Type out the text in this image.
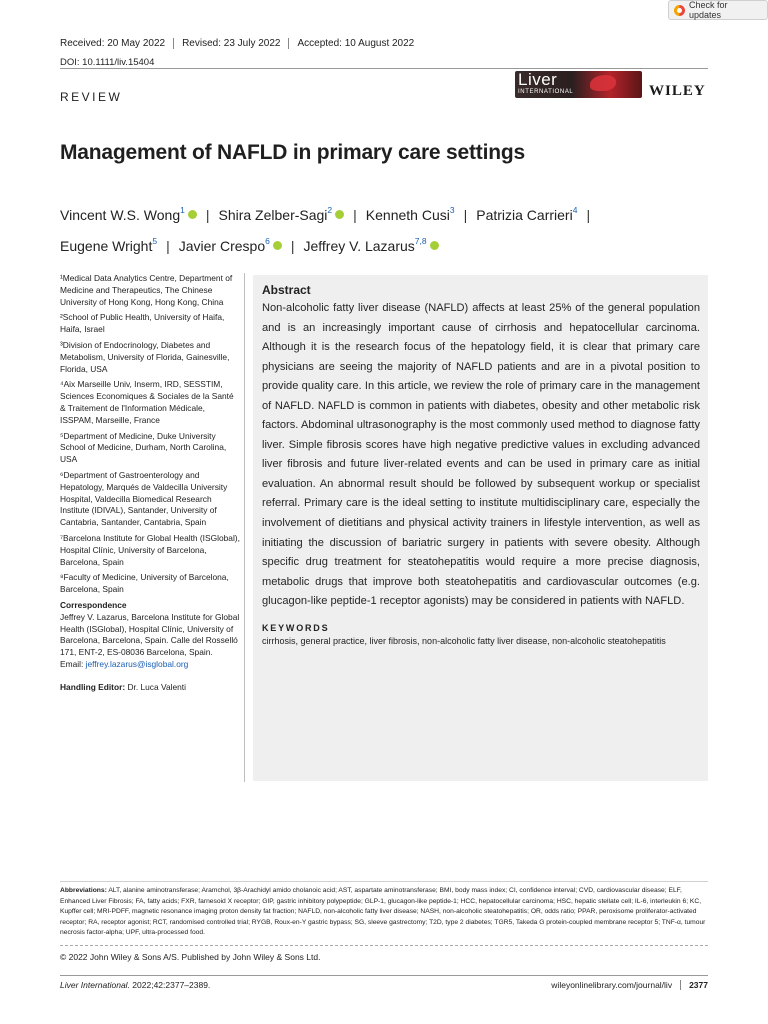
Check for updates
Received: 20 May 2022	Revised: 23 July 2022	Accepted: 10 August 2022
DOI: 10.1111/liv.15404
REVIEW
Liver
INTERNATIONAL	WILEY
Management of NAFLD in primary care settings
Vincent W.S. Wong$^1$ | Shira Zelber-Sagi$^2$ | Kenneth Cusi$^3$ | Patrizia Carrieri$^4$ |
Eugene Wright$^5$ | Javier Crespo$^6$ | Jeffrey V. Lazarus$^{7,8}$
¹Medical Data Analytics Centre, Department of Medicine and Therapeutics, The Chinese University of Hong Kong, Hong Kong, China
²School of Public Health, University of Haifa, Haifa, Israel
³Division of Endocrinology, Diabetes and Metabolism, University of Florida, Gainesville, Florida, USA
⁴Aix Marseille Univ, Inserm, IRD, SESSTIM, Sciences Economiques & Sociales de la Santé & Traitement de l'Information Médicale, ISSPAM, Marseille, France
⁵Department of Medicine, Duke University School of Medicine, Durham, North Carolina, USA
⁶Department of Gastroenterology and Hepatology, Marqués de Valdecilla University Hospital, Valdecilla Biomedical Research Institute (IDIVAL), Santander, University of Cantabria, Santander, Cantabria, Spain
⁷Barcelona Institute for Global Health (ISGlobal), Hospital Clínic, University of Barcelona, Barcelona, Spain
⁸Faculty of Medicine, University of Barcelona, Barcelona, Spain
Correspondence
Jeffrey V. Lazarus, Barcelona Institute for Global Health (ISGlobal), Hospital Clínic, University of Barcelona, Barcelona, Spain. Calle del Rosselló 171, ENT-2, ES-08036 Barcelona, Spain.
Email: jeffrey.lazarus@isglobal.org
Handling Editor: Dr. Luca Valenti
Abstract

Non-alcoholic fatty liver disease (NAFLD) affects at least 25% of the general population and is an increasingly important cause of cirrhosis and hepatocellular carcinoma. Although it is the research focus of the hepatology field, it is clear that primary care physicians are seeing the majority of NAFLD patients and are in a pivotal position to provide quality care. In this article, we review the role of primary care in the management of NAFLD. NAFLD is common in patients with diabetes, obesity and other metabolic risk factors. Abdominal ultrasonography is the most commonly used method to diagnose fatty liver. Simple fibrosis scores have high negative predictive values in excluding advanced liver fibrosis and future liver-related events and can be used in primary care as initial evaluation. An abnormal result should be followed by subsequent workup or specialist referral. Primary care is the ideal setting to institute multidisciplinary care, especially the involvement of dietitians and physical activity trainers in lifestyle intervention, as well as initiating the discussion of bariatric surgery in patients with severe obesity. Although specific drug treatment for steatohepatitis would require a more precise diagnosis, metabolic drugs that improve both steatohepatitis and cardiovascular outcomes (e.g. glucagon-like peptide-1 receptor agonists) may be considered in patients with NAFLD.

KEYWORDS
cirrhosis, general practice, liver fibrosis, non-alcoholic fatty liver disease, non-alcoholic steatohepatitis
Abbreviations: ALT, alanine aminotransferase; Aramchol, 3β-Arachidyl amido cholanoic acid; AST, aspartate aminotransferase; BMI, body mass index; CI, confidence interval; CVD, cardiovascular disease; ELF, Enhanced Liver Fibrosis; FA, fatty acids; FXR, farnesoid X receptor; GIP, gastric inhibitory polypeptide; GLP-1, glucagon-like peptide-1; HCC, hepatocellular carcinoma; HSC, hepatic stellate cell; IL-6, interleukin 6; KC, Kupffer cell; MRI-PDFF, magnetic resonance imaging proton density fat fraction; NAFLD, non-alcoholic fatty liver disease; NASH, non-alcoholic steatohepatitis; OR, odds ratio; PPAR, peroxisome proliferator-activated receptor; RA, receptor agonist; RCT, randomised controlled trial; RYGB, Roux-en-Y gastric bypass; SG, sleeve gastrectomy; T2D, type 2 diabetes; TGR5, Takeda G protein-coupled membrane receptor 5; TNF-α, tumour necrosis factor-alpha; UPF, ultra-processed food.
© 2022 John Wiley & Sons A/S. Published by John Wiley & Sons Ltd.
Liver International. 2022;42:2377–2389.	wileyonlinelibrary.com/journal/liv	2377
